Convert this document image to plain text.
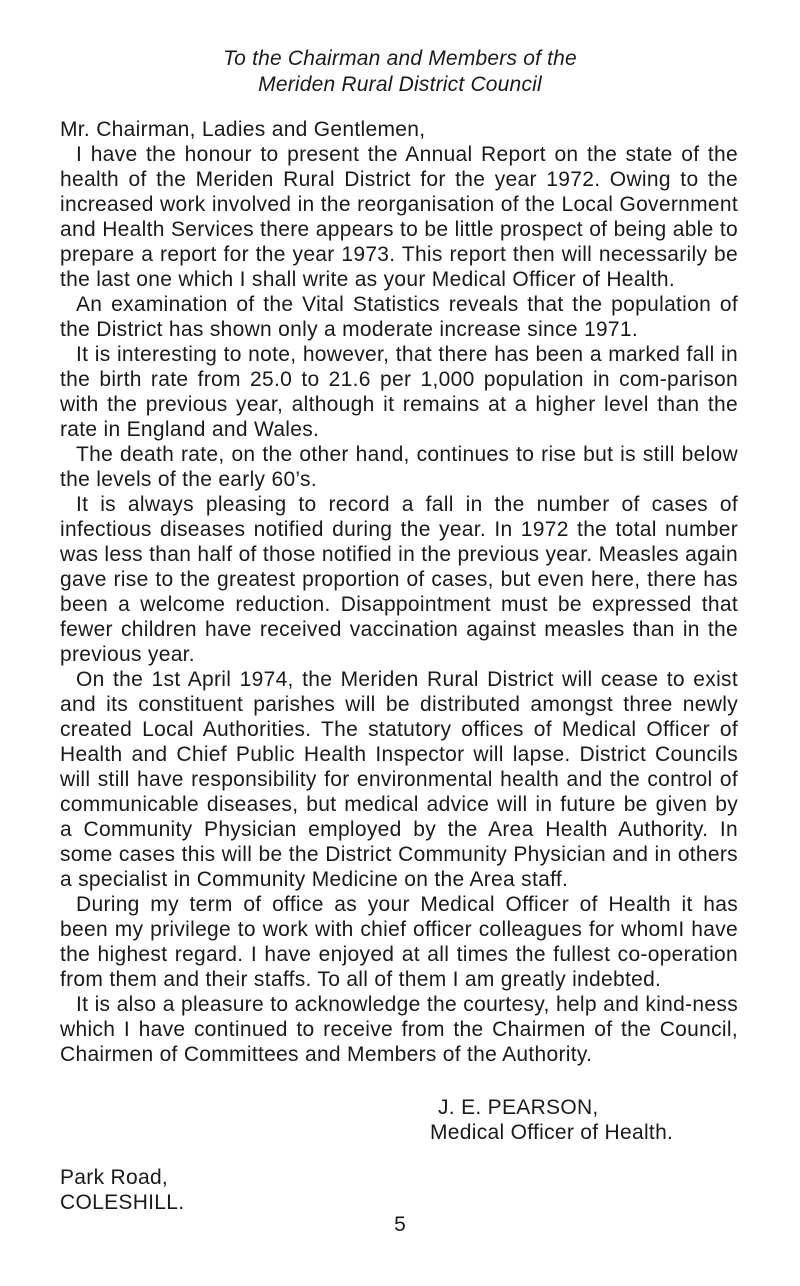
To the Chairman and Members of the
Meriden Rural District Council

Mr. Chairman, Ladies and Gentlemen,

I have the honour to present the Annual Report on the state of the health of the Meriden Rural District for the year 1972. Owing to the increased work involved in the reorganisation of the Local Government and Health Services there appears to be little prospect of being able to prepare a report for the year 1973. This report then will necessarily be the last one which I shall write as your Medical Officer of Health.

An examination of the Vital Statistics reveals that the population of the District has shown only a moderate increase since 1971.

It is interesting to note, however, that there has been a marked fall in the birth rate from 25.0 to 21.6 per 1,000 population in com-parison with the previous year, although it remains at a higher level than the rate in England and Wales.

The death rate, on the other hand, continues to rise but is still below the levels of the early 60’s.

It is always pleasing to record a fall in the number of cases of infectious diseases notified during the year. In 1972 the total number was less than half of those notified in the previous year. Measles again gave rise to the greatest proportion of cases, but even here, there has been a welcome reduction. Disappointment must be expressed that fewer children have received vaccination against measles than in the previous year.

On the 1st April 1974, the Meriden Rural District will cease to exist and its constituent parishes will be distributed amongst three newly created Local Authorities. The statutory offices of Medical Officer of Health and Chief Public Health Inspector will lapse. District Councils will still have responsibility for environmental health and the control of communicable diseases, but medical advice will in future be given by a Community Physician employed by the Area Health Authority. In some cases this will be the District Community Physician and in others a specialist in Community Medicine on the Area staff.

During my term of office as your Medical Officer of Health it has been my privilege to work with chief officer colleagues for whomI have the highest regard. I have enjoyed at all times the fullest co-operation from them and their staffs. To all of them I am greatly indebted.

It is also a pleasure to acknowledge the courtesy, help and kind-ness which I have continued to receive from the Chairmen of the Council, Chairmen of Committees and Members of the Authority.

J. E. PEARSON,
Medical Officer of Health.
Park Road,
COLESHILL.
5
